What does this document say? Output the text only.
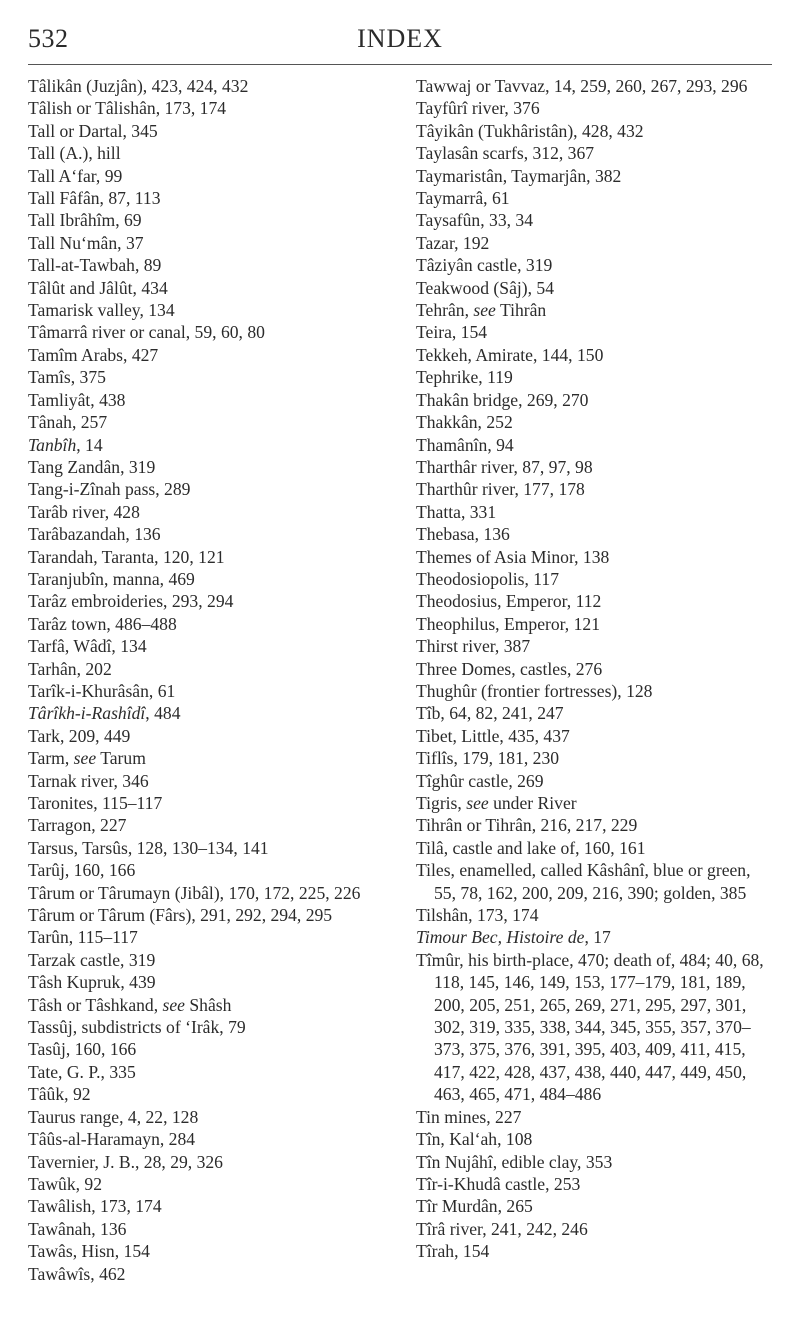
532	INDEX

Tâlikân (Juzjân), 423, 424, 432

Tâlish or Tâlishân, 173, 174

Tall or Dartal, 345

Tall (A.), hill

Tall A‘far, 99

Tall Fâfân, 87, 113

Tall Ibrâhîm, 69

Tall Nu‘mân, 37

Tall-at-Tawbah, 89

Tâlût and Jâlût, 434

Tamarisk valley, 134

Tâmarrâ river or canal, 59, 60, 80

Tamîm Arabs, 427

Tamîs, 375

Tamliyât, 438

Tânah, 257

Tanbîh, 14

Tang Zandân, 319

Tang-i-Zînah pass, 289

Tarâb river, 428

Tarâbazandah, 136

Tarandah, Taranta, 120, 121

Taranjubîn, manna, 469

Tarâz embroideries, 293, 294

Tarâz town, 486–488

Tarfâ, Wâdî, 134

Tarhân, 202

Tarîk-i-Khurâsân, 61

Târîkh-i-Rashîdî, 484

Tark, 209, 449

Tarm, see Tarum

Tarnak river, 346

Taronites, 115–117

Tarragon, 227

Tarsus, Tarsûs, 128, 130–134, 141

Tarûj, 160, 166

Târum or Târumayn (Jibâl), 170, 172, 225, 226

Târum or Târum (Fârs), 291, 292, 294, 295

Tarûn, 115–117

Tarzak castle, 319

Tâsh Kupruk, 439

Tâsh or Tâshkand, see Shâsh

Tassûj, subdistricts of ‘Irâk, 79

Tasûj, 160, 166

Tate, G. P., 335

Tâûk, 92

Taurus range, 4, 22, 128

Tâûs-al-Haramayn, 284

Tavernier, J. B., 28, 29, 326

Tawûk, 92

Tawâlish, 173, 174

Tawânah, 136

Tawâs, Hisn, 154

Tawâwîs, 462

Tawwaj or Tavvaz, 14, 259, 260, 267, 293, 296

Tayfûrî river, 376

Tâyikân (Tukhâristân), 428, 432

Taylasân scarfs, 312, 367

Taymaristân, Taymarjân, 382

Taymarrâ, 61

Taysafûn, 33, 34

Tazar, 192

Tâziyân castle, 319

Teakwood (Sâj), 54

Tehrân, see Tihrân

Teira, 154

Tekkeh, Amirate, 144, 150

Tephrike, 119

Thakân bridge, 269, 270

Thakkân, 252

Thamânîn, 94

Tharthâr river, 87, 97, 98

Tharthûr river, 177, 178

Thatta, 331

Thebasa, 136

Themes of Asia Minor, 138

Theodosiopolis, 117

Theodosius, Emperor, 112

Theophilus, Emperor, 121

Thirst river, 387

Three Domes, castles, 276

Thughûr (frontier fortresses), 128

Tîb, 64, 82, 241, 247

Tibet, Little, 435, 437

Tiflîs, 179, 181, 230

Tîghûr castle, 269

Tigris, see under River

Tihrân or Tihrân, 216, 217, 229

Tilâ, castle and lake of, 160, 161

Tiles, enamelled, called Kâshânî, blue or green, 55, 78, 162, 200, 209, 216, 390; golden, 385

Tilshân, 173, 174

Timour Bec, Histoire de, 17

Tîmûr, his birth-place, 470; death of, 484; 40, 68, 118, 145, 146, 149, 153, 177–179, 181, 189, 200, 205, 251, 265, 269, 271, 295, 297, 301, 302, 319, 335, 338, 344, 345, 355, 357, 370–373, 375, 376, 391, 395, 403, 409, 411, 415, 417, 422, 428, 437, 438, 440, 447, 449, 450, 463, 465, 471, 484–486

Tin mines, 227

Tîn, Kal‘ah, 108

Tîn Nujâhî, edible clay, 353

Tîr-i-Khudâ castle, 253

Tîr Murdân, 265

Tîrâ river, 241, 242, 246

Tîrah, 154
